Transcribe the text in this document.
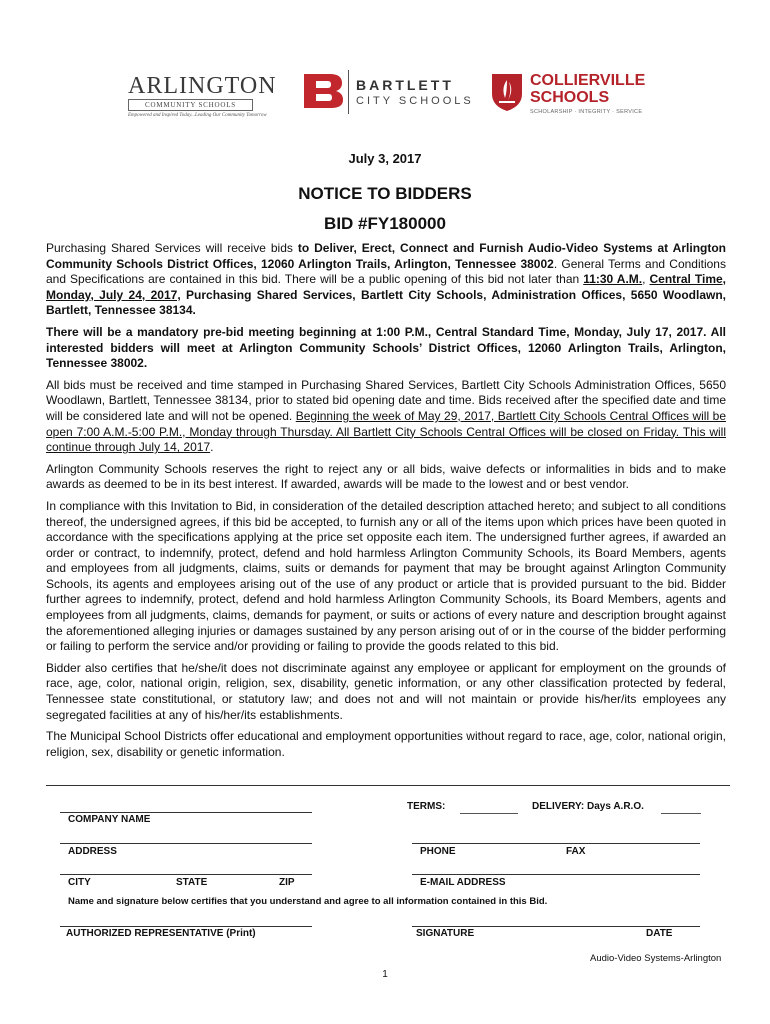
ARLINGTON
COMMUNITY SCHOOLS
Empowered and Inspired Today...Leading Our Community Tomorrow
BARTLETT
CITY SCHOOLS
COLLIERVILLE
SCHOOLS
SCHOLARSHIP · INTEGRITY · SERVICE
July 3, 2017
NOTICE TO BIDDERS
BID #FY180000

Purchasing Shared Services will receive bids to Deliver, Erect, Connect and Furnish Audio-Video Systems at Arlington Community Schools District Offices, 12060 Arlington Trails, Arlington, Tennessee 38002. General Terms and Conditions and Specifications are contained in this bid. There will be a public opening of this bid not later than 11:30 A.M., Central Time, Monday, July 24, 2017, Purchasing Shared Services, Bartlett City Schools, Administration Offices, 5650 Woodlawn, Bartlett, Tennessee 38134.

There will be a mandatory pre-bid meeting beginning at 1:00 P.M., Central Standard Time, Monday, July 17, 2017. All interested bidders will meet at Arlington Community Schools’ District Offices, 12060 Arlington Trails, Arlington, Tennessee 38002.

All bids must be received and time stamped in Purchasing Shared Services, Bartlett City Schools Administration Offices, 5650 Woodlawn, Bartlett, Tennessee 38134, prior to stated bid opening date and time. Bids received after the specified date and time will be considered late and will not be opened. Beginning the week of May 29, 2017, Bartlett City Schools Central Offices will be open 7:00 A.M.-5:00 P.M., Monday through Thursday. All Bartlett City Schools Central Offices will be closed on Friday. This will continue through July 14, 2017.

Arlington Community Schools reserves the right to reject any or all bids, waive defects or informalities in bids and to make awards as deemed to be in its best interest. If awarded, awards will be made to the lowest and or best vendor.

In compliance with this Invitation to Bid, in consideration of the detailed description attached hereto; and subject to all conditions thereof, the undersigned agrees, if this bid be accepted, to furnish any or all of the items upon which prices have been quoted in accordance with the specifications applying at the price set opposite each item. The undersigned further agrees, if awarded an order or contract, to indemnify, protect, defend and hold harmless Arlington Community Schools, its Board Members, agents and employees from all judgments, claims, suits or demands for payment that may be brought against Arlington Community Schools, its agents and employees arising out of the use of any product or article that is provided pursuant to the bid. Bidder further agrees to indemnify, protect, defend and hold harmless Arlington Community Schools, its Board Members, agents and employees from all judgments, claims, demands for payment, or suits or actions of every nature and description brought against the aforementioned alleging injuries or damages sustained by any person arising out of or in the course of the bidder performing or failing to perform the service and/or providing or failing to provide the goods related to this bid.

Bidder also certifies that he/she/it does not discriminate against any employee or applicant for employment on the grounds of race, age, color, national origin, religion, sex, disability, genetic information, or any other classification protected by federal, Tennessee state constitutional, or statutory law; and does not and will not maintain or provide his/her/its employees any segregated facilities at any of his/her/its establishments.

The Municipal School Districts offer educational and employment opportunities without regard to race, age, color, national origin, religion, sex, disability or genetic information.

TERMS:	DELIVERY: Days A.R.O.
COMPANY NAME
ADDRESS	PHONE	FAX
CITY	STATE	ZIP	E-MAIL ADDRESS
Name and signature below certifies that you understand and agree to all information contained in this Bid.
AUTHORIZED REPRESENTATIVE (Print)	SIGNATURE	DATE
Audio-Video Systems-Arlington
1
